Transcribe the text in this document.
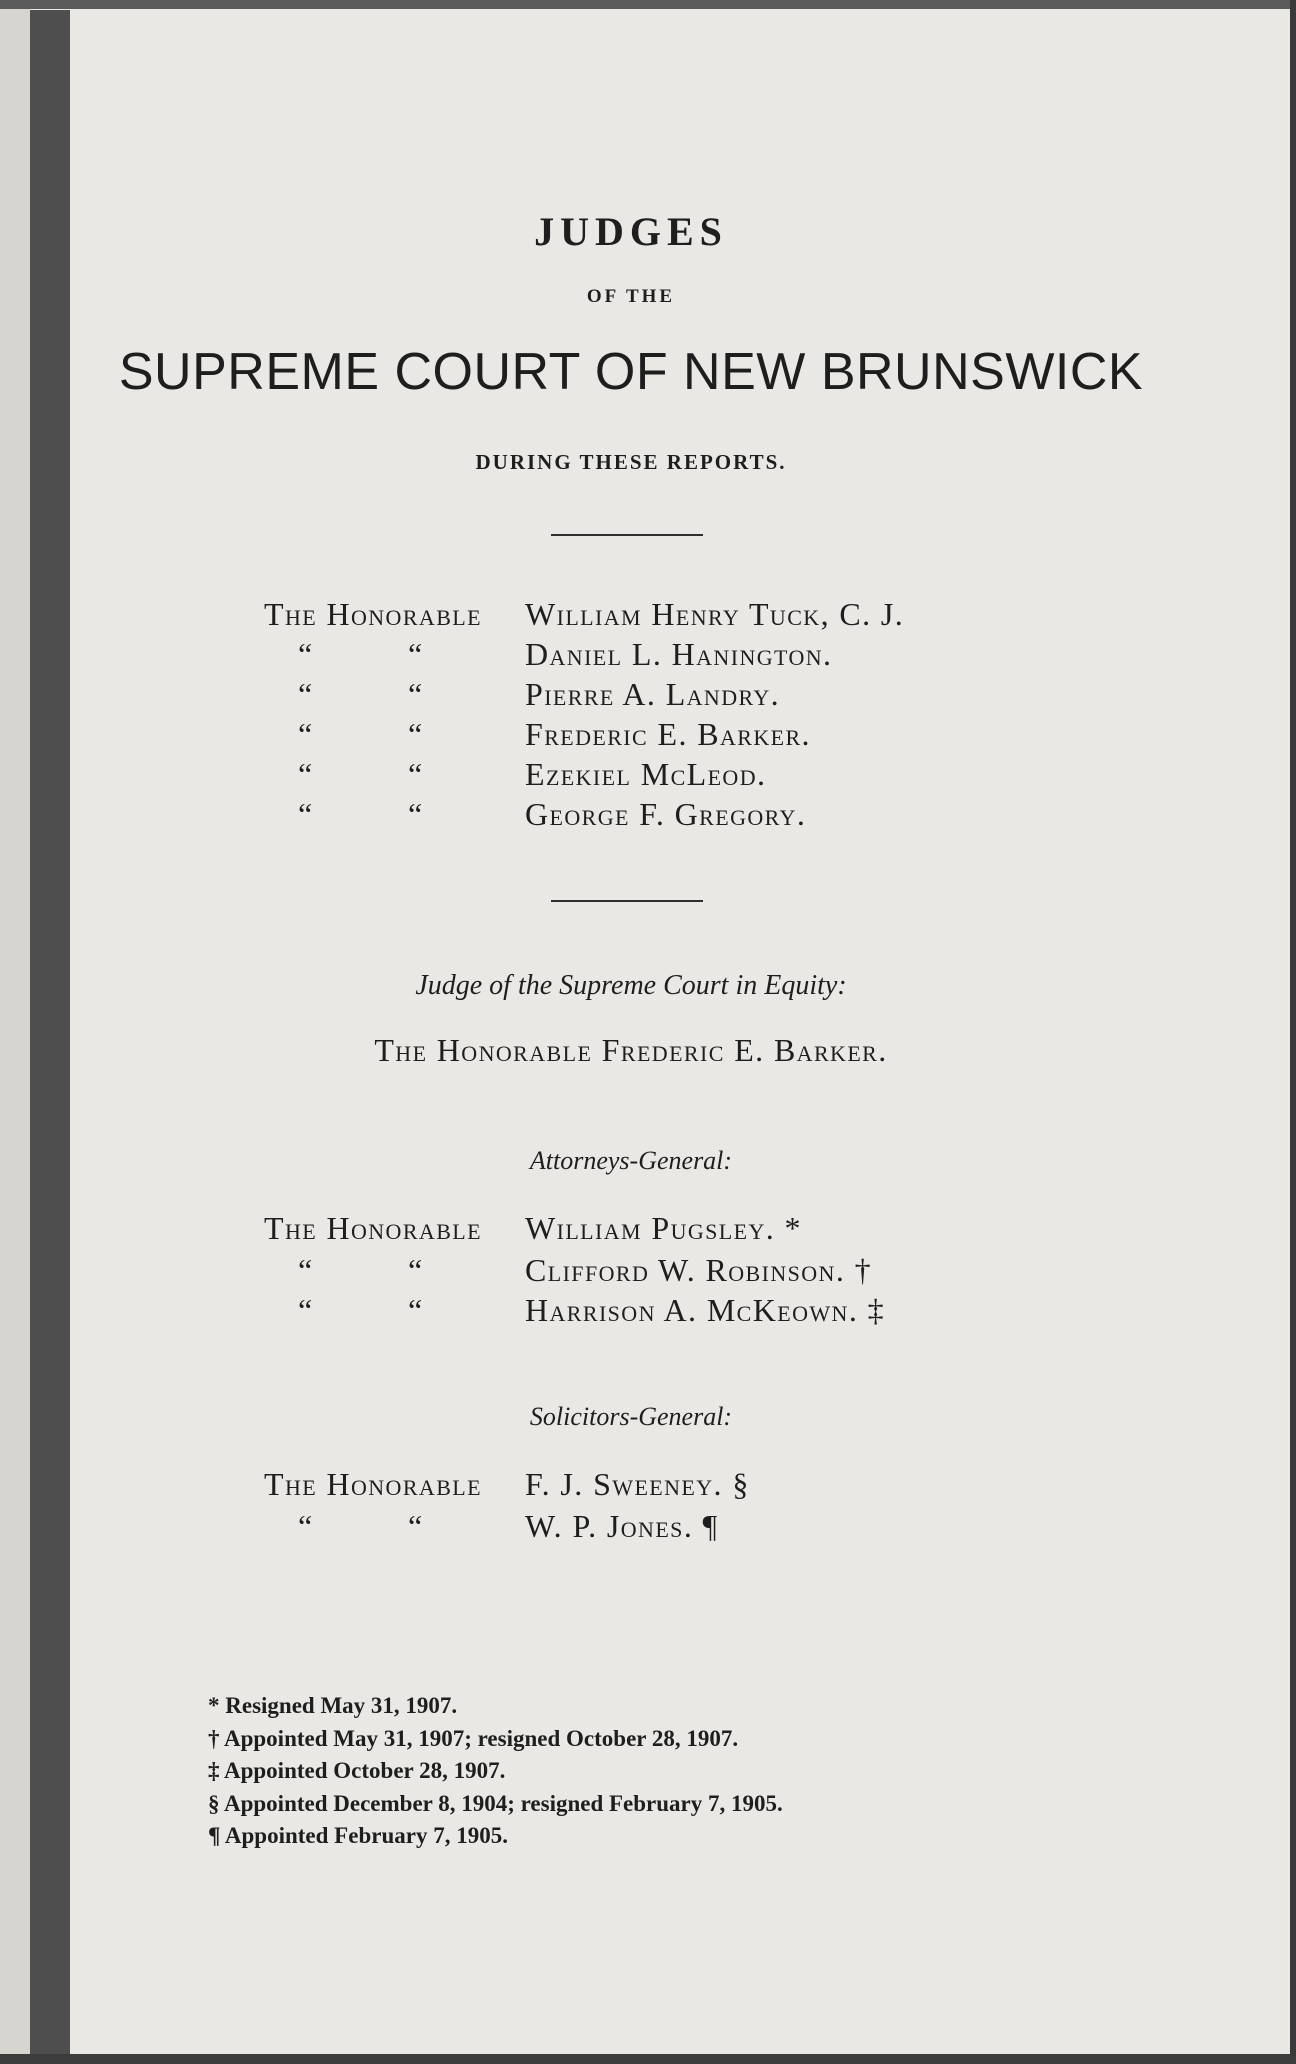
JUDGES
OF THE
SUPREME COURT OF NEW BRUNSWICK
DURING THESE REPORTS.
The Honorable William Henry Tuck, C. J.
“	“	Daniel L. Hanington.
“	“	Pierre A. Landry.
“	“	Frederic E. Barker.
“	“	Ezekiel McLeod.
“	“	George F. Gregory.
Judge of the Supreme Court in Equity:
The Honorable Frederic E. Barker.
Attorneys-General:
The Honorable William Pugsley. *
“	“	Clifford W. Robinson. †
“	“	Harrison A. McKeown. ‡
Solicitors-General:
The Honorable F. J. Sweeney. §
“	“	W. P. Jones. ¶
* Resigned May 31, 1907.
† Appointed May 31, 1907; resigned October 28, 1907.
‡ Appointed October 28, 1907.
§ Appointed December 8, 1904; resigned February 7, 1905.
¶ Appointed February 7, 1905.
